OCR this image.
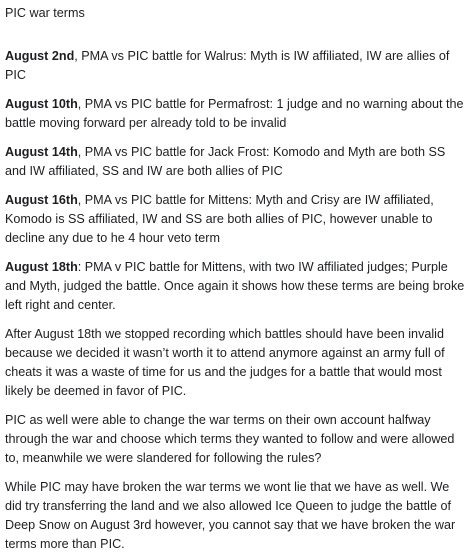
PIC war terms
August 2nd, PMA vs PIC battle for Walrus: Myth is IW affiliated, IW are allies of PIC
August 10th, PMA vs PIC battle for Permafrost: 1 judge and no warning about the battle moving forward per already told to be invalid
August 14th, PMA vs PIC battle for Jack Frost: Komodo and Myth are both SS and IW affiliated, SS and IW are both allies of PIC
August 16th, PMA vs PIC battle for Mittens: Myth and Crisy are IW affiliated, Komodo is SS affiliated, IW and SS are both allies of PIC, however unable to decline any due to he 4 hour veto term
August 18th: PMA v PIC battle for Mittens, with two IW affiliated judges; Purple and Myth, judged the battle. Once again it shows how these terms are being broke left right and center.
After August 18th we stopped recording which battles should have been invalid because we decided it wasn’t worth it to attend anymore against an army full of cheats it was a waste of time for us and the judges for a battle that would most likely be deemed in favor of PIC.
PIC as well were able to change the war terms on their own account halfway through the war and choose which terms they wanted to follow and were allowed to, meanwhile we were slandered for following the rules?
While PIC may have broken the war terms we wont lie that we have as well. We did try transferring the land and we also allowed Ice Queen to judge the battle of Deep Snow on August 3rd however, you cannot say that we have broken the war terms more than PIC.
